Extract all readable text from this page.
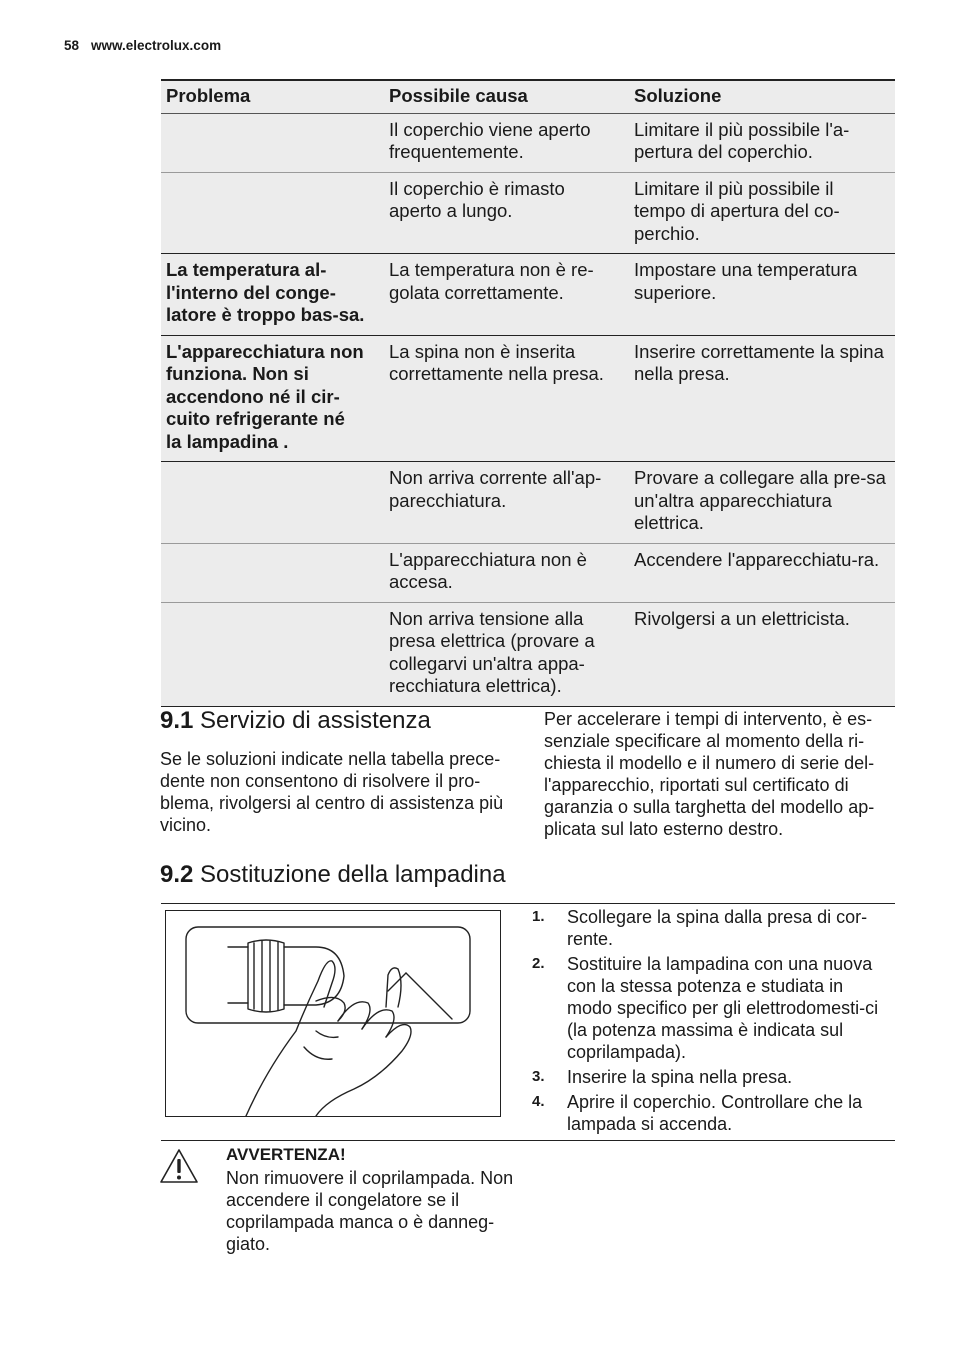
58 www.electrolux.com
Problema	Possibile causa	Soluzione
	Il coperchio viene aperto frequentemente.	Limitare il più possibile l'a-pertura del coperchio.
	Il coperchio è rimasto aperto a lungo.	Limitare il più possibile il tempo di apertura del co-perchio.
La temperatura al-l'interno del conge-latore è troppo bas-sa.	La temperatura non è re-golata correttamente.	Impostare una temperatura superiore.
L'apparecchiatura non funziona. Non si accendono né il cir-cuito refrigerante né la lampadina .	La spina non è inserita correttamente nella presa.	Inserire correttamente la spina nella presa.
	Non arriva corrente all'ap-parecchiatura.	Provare a collegare alla pre-sa un'altra apparecchiatura elettrica.
	L'apparecchiatura non è accesa.	Accendere l'apparecchiatu-ra.
	Non arriva tensione alla presa elettrica (provare a collegarvi un'altra appa-recchiatura elettrica).	Rivolgersi a un elettricista.
9.1 Servizio di assistenza
Se le soluzioni indicate nella tabella prece-dente non consentono di risolvere il pro-blema, rivolgersi al centro di assistenza più vicino.
Per accelerare i tempi di intervento, è es-senziale specificare al momento della ri-chiesta il modello e il numero di serie del-l'apparecchio, riportati sul certificato di garanzia o sulla targhetta del modello ap-plicata sul lato esterno destro.
9.2 Sostituzione della lampadina
1. Scollegare la spina dalla presa di cor-rente.
2. Sostituire la lampadina con una nuova con la stessa potenza e studiata in modo specifico per gli elettrodomesti-ci (la potenza massima è indicata sul coprilampada).
3. Inserire la spina nella presa.
4. Aprire il coperchio. Controllare che la lampada si accenda.
AVVERTENZA!
Non rimuovere il coprilampada. Non accendere il congelatore se il coprilampada manca o è danneg-giato.
